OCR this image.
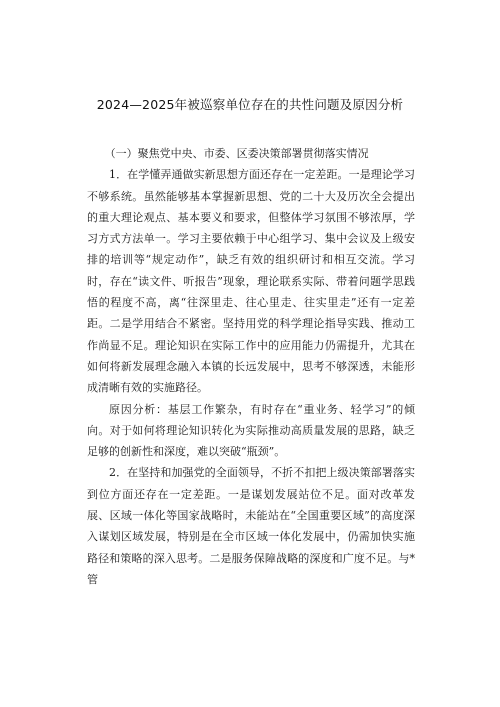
2024—2025年被巡察单位存在的共性问题及原因分析

（一）聚焦党中央、市委、区委决策部署贯彻落实情况

1．在学懂弄通做实新思想方面还存在一定差距。一是理论学习不够系统。虽然能够基本掌握新思想、党的二十大及历次全会提出的重大理论观点、基本要义和要求，但整体学习氛围不够浓厚，学习方式方法单一。学习主要依赖于中心组学习、集中会议及上级安排的培训等“规定动作”，缺乏有效的组织研讨和相互交流。学习时，存在“读文件、听报告”现象，理论联系实际、带着问题学思践悟的程度不高，离“往深里走、往心里走、往实里走”还有一定差距。二是学用结合不紧密。坚持用党的科学理论指导实践、推动工作尚显不足。理论知识在实际工作中的应用能力仍需提升，尤其在如何将新发展理念融入本镇的长远发展中，思考不够深透，未能形成清晰有效的实施路径。

原因分析：基层工作繁杂，有时存在“重业务、轻学习”的倾向。对于如何将理论知识转化为实际推动高质量发展的思路，缺乏足够的创新性和深度，难以突破“瓶颈”。

2．在坚持和加强党的全面领导，不折不扣把上级决策部署落实到位方面还存在一定差距。一是谋划发展站位不足。面对改革发展、区域一体化等国家战略时，未能站在“全国重要区域”的高度深入谋划区域发展，特别是在全市区域一体化发展中，仍需加快实施路径和策略的深入思考。二是服务保障战略的深度和广度不足。与*管
